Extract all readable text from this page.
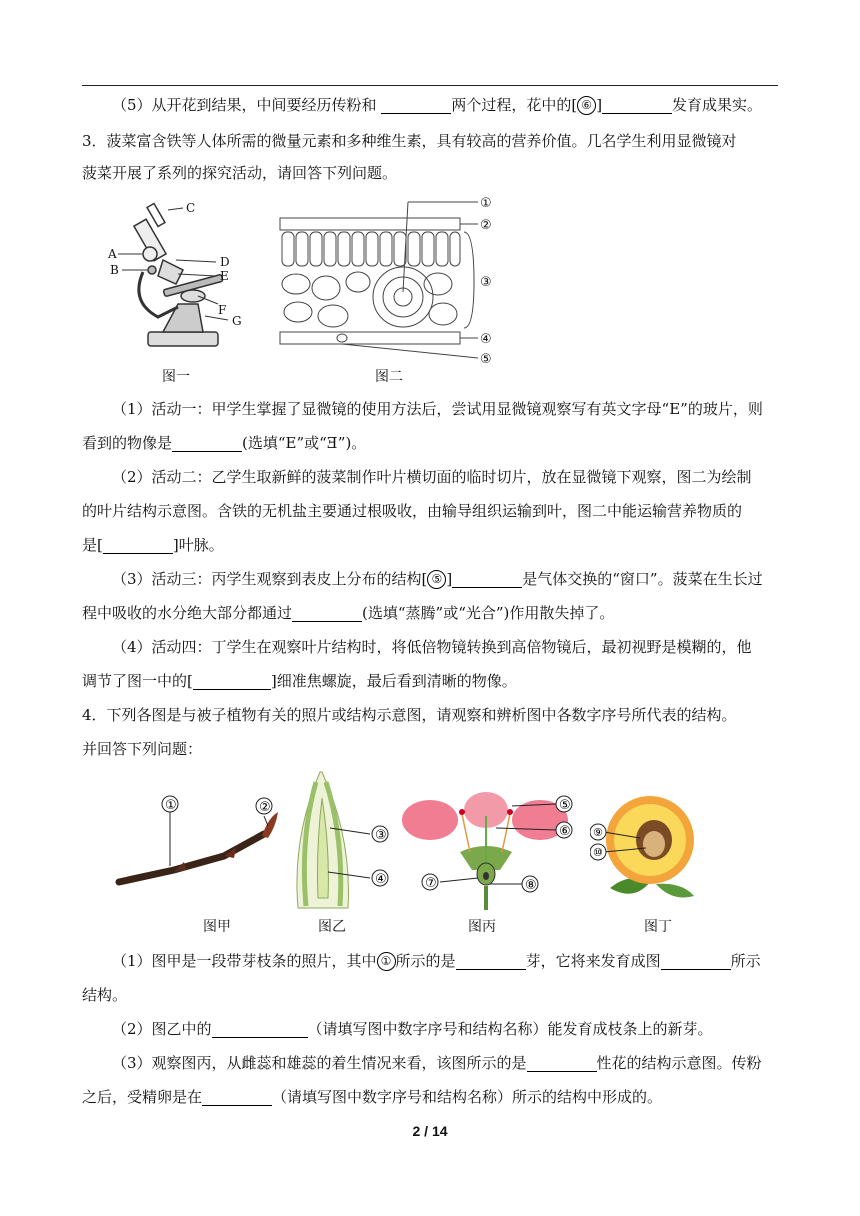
（5）从开花到结果，中间要经历传粉和	两个过程，花中的[ ⑥ ]	发育成果实。
3．菠菜富含铁等人体所需的微量元素和多种维生素，具有较高的营养价值。几名学生利用显微镜对
菠菜开展了系列的探究活动，请回答下列问题。
C
A
B
D
E
F
G
图一
①
②
③
④
⑤
图二
（1）活动一：甲学生掌握了显微镜的使用方法后，尝试用显微镜观察写有英文字母“E”的玻片，则
看到的物像是	(选填“E”或“Ǝ”)。
（2）活动二：乙学生取新鲜的菠菜制作叶片横切面的临时切片，放在显微镜下观察，图二为绘制
的叶片结构示意图。含铁的无机盐主要通过根吸收，由输导组织运输到叶，图二中能运输营养物质的
是[	]叶脉。
（3）活动三：丙学生观察到表皮上分布的结构[ ⑤ ]	是气体交换的“窗口”。菠菜在生长过
程中吸收的水分绝大部分都通过	(选填“蒸腾”或“光合”)作用散失掉了。
（4）活动四：丁学生在观察叶片结构时，将低倍物镜转换到高倍物镜后，最初视野是模糊的，他
调节了图一中的[	]细准焦螺旋，最后看到清晰的物像。
4．下列各图是与被子植物有关的照片或结构示意图，请观察和辨析图中各数字序号所代表的结构。
并回答下列问题：
①	②
图甲
③
④
图乙
⑤
⑥
⑦	⑧
图丙
⑨
⑩
图丁
（1）图甲是一段带芽枝条的照片，其中 ① 所示的是	芽，它将来发育成图	所示
结构。
（2）图乙中的	（请填写图中数字序号和结构名称）能发育成枝条上的新芽。
（3）观察图丙，从雌蕊和雄蕊的着生情况来看，该图所示的是	性花的结构示意图。传粉
之后，受精卵是在	（请填写图中数字序号和结构名称）所示的结构中形成的。
2 / 14
